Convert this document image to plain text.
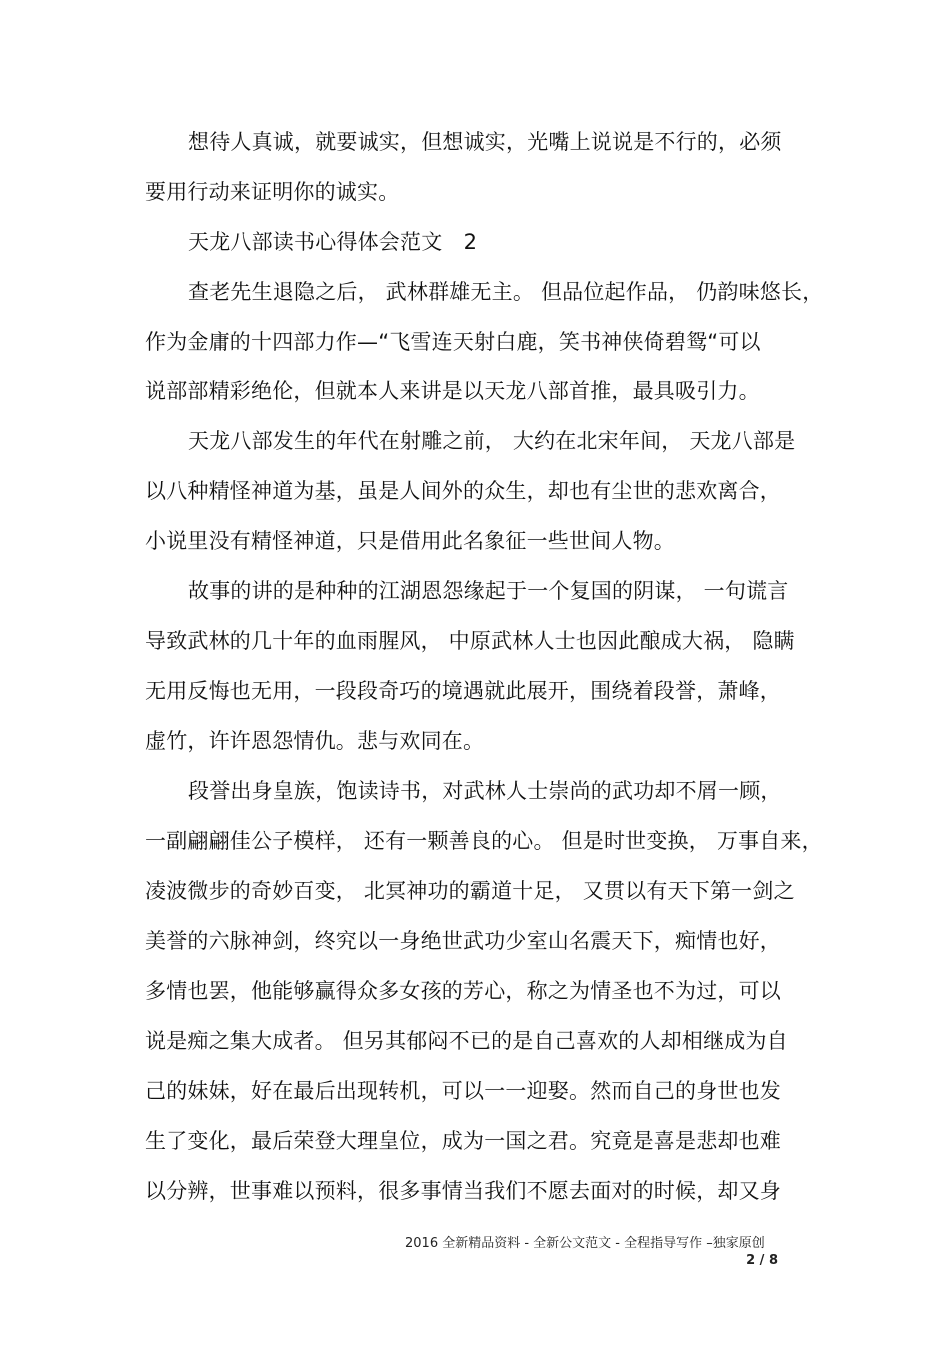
想待人真诚，就要诚实，但想诚实，光嘴上说说是不行的，必须
要用行动来证明你的诚实。
天龙八部读书心得体会范文　2
查老先生退隐之后， 武林群雄无主。 但品位起作品， 仍韵味悠长，
作为金庸的十四部力作—“飞雪连天射白鹿，笑书神侠倚碧鸳“可以
说部部精彩绝伦，但就本人来讲是以天龙八部首推，最具吸引力。
天龙八部发生的年代在射雕之前， 大约在北宋年间， 天龙八部是
以八种精怪神道为基，虽是人间外的众生，却也有尘世的悲欢离合，
小说里没有精怪神道，只是借用此名象征一些世间人物。
故事的讲的是种种的江湖恩怨缘起于一个复国的阴谋， 一句谎言
导致武林的几十年的血雨腥风， 中原武林人士也因此酿成大祸， 隐瞒
无用反悔也无用，一段段奇巧的境遇就此展开，围绕着段誉，萧峰，
虚竹，许许恩怨情仇。悲与欢同在。
段誉出身皇族，饱读诗书，对武林人士崇尚的武功却不屑一顾，
一副翩翩佳公子模样， 还有一颗善良的心。 但是时世变换， 万事自来，
凌波微步的奇妙百变， 北冥神功的霸道十足， 又贯以有天下第一剑之
美誉的六脉神剑，终究以一身绝世武功少室山名震天下，痴情也好，
多情也罢，他能够赢得众多女孩的芳心，称之为情圣也不为过，可以
说是痴之集大成者。 但另其郁闷不已的是自己喜欢的人却相继成为自
己的妹妹，好在最后出现转机，可以一一迎娶。然而自己的身世也发
生了变化，最后荣登大理皇位，成为一国之君。究竟是喜是悲却也难
以分辨，世事难以预料，很多事情当我们不愿去面对的时候，却又身
2016 全新精品资料 - 全新公文范文 - 全程指导写作 –独家原创
2 / 8
